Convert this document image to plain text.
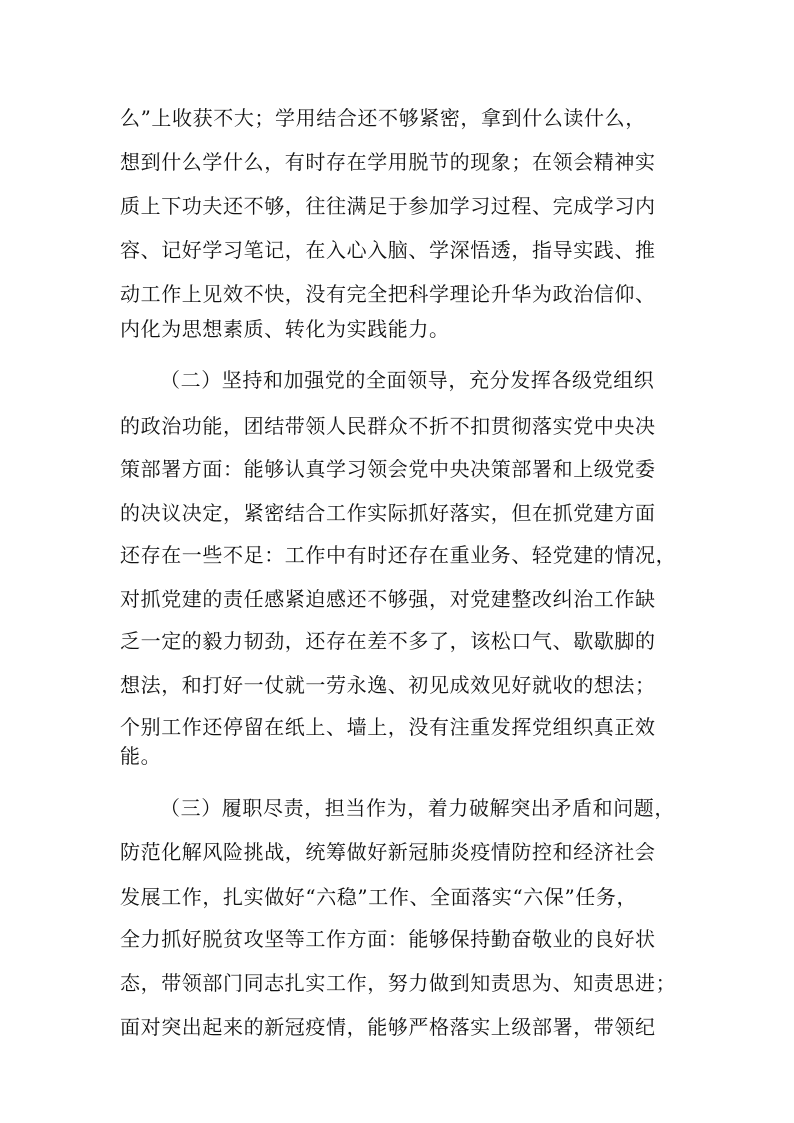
么”上收获不大；学用结合还不够紧密，拿到什么读什么，
想到什么学什么，有时存在学用脱节的现象；在领会精神实
质上下功夫还不够，往往满足于参加学习过程、完成学习内
容、记好学习笔记，在入心入脑、学深悟透，指导实践、推
动工作上见效不快，没有完全把科学理论升华为政治信仰、
内化为思想素质、转化为实践能力。
（二）坚持和加强党的全面领导，充分发挥各级党组织
的政治功能，团结带领人民群众不折不扣贯彻落实党中央决
策部署方面：能够认真学习领会党中央决策部署和上级党委
的决议决定，紧密结合工作实际抓好落实，但在抓党建方面
还存在一些不足：工作中有时还存在重业务、轻党建的情况，
对抓党建的责任感紧迫感还不够强，对党建整改纠治工作缺
乏一定的毅力韧劲，还存在差不多了，该松口气、歇歇脚的
想法，和打好一仗就一劳永逸、初见成效见好就收的想法；
个别工作还停留在纸上、墙上，没有注重发挥党组织真正效
能。
（三）履职尽责，担当作为，着力破解突出矛盾和问题，
防范化解风险挑战，统筹做好新冠肺炎疫情防控和经济社会
发展工作，扎实做好“六稳”工作、全面落实“六保”任务，
全力抓好脱贫攻坚等工作方面：能够保持勤奋敬业的良好状
态，带领部门同志扎实工作，努力做到知责思为、知责思进；
面对突出起来的新冠疫情，能够严格落实上级部署，带领纪
